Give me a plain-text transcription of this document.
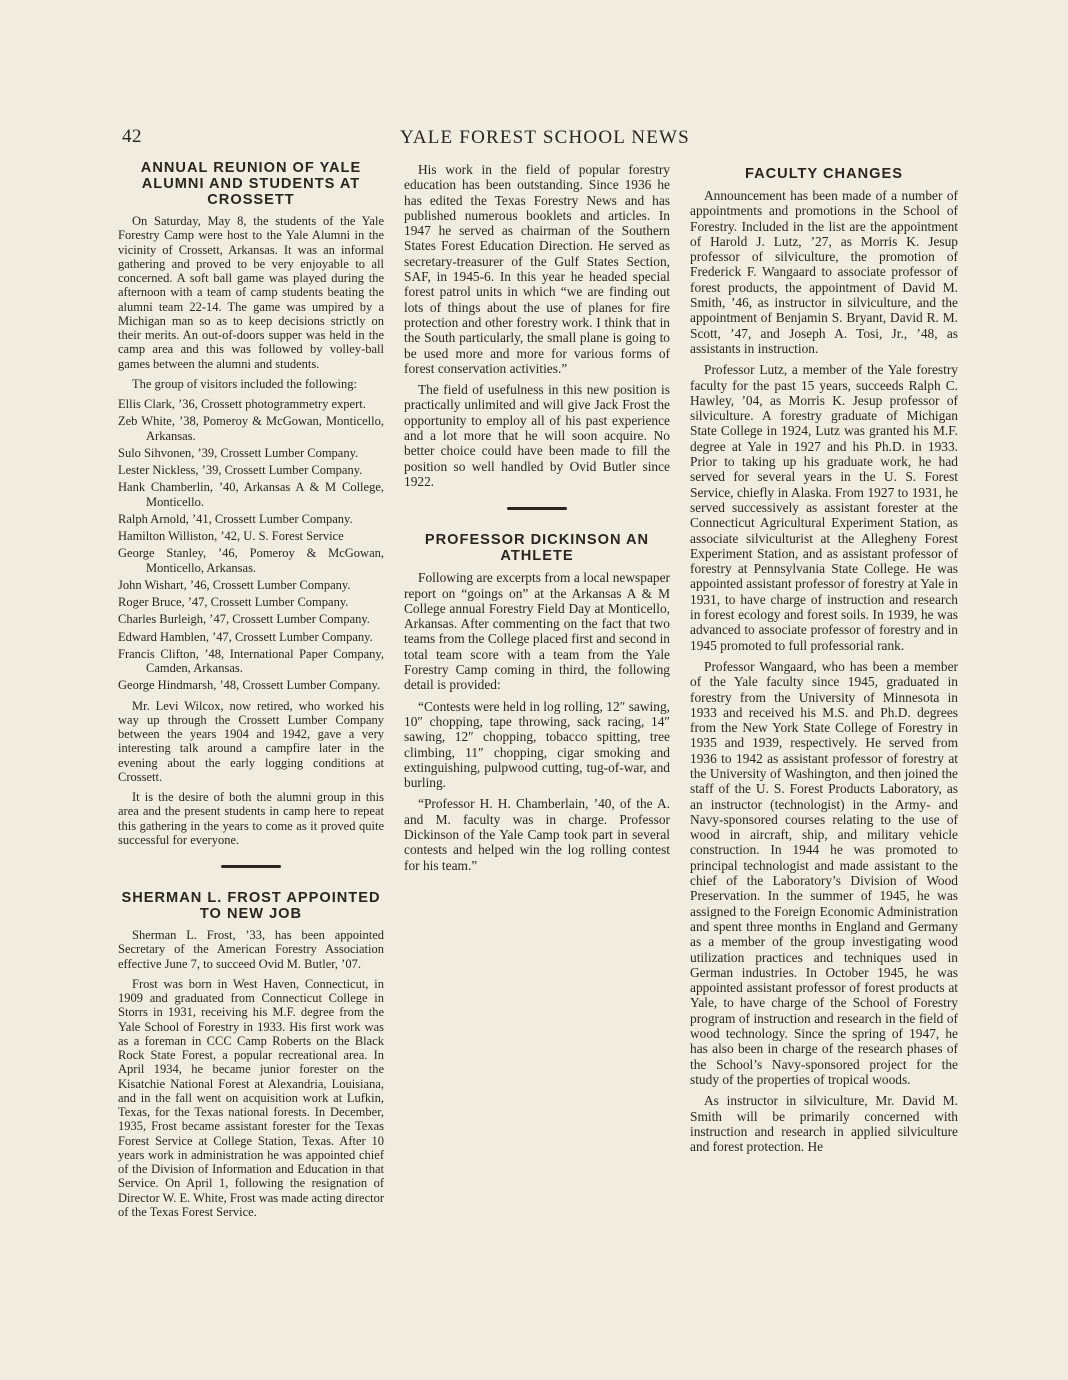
42	YALE FOREST SCHOOL NEWS
ANNUAL REUNION OF YALE ALUMNI AND STUDENTS AT CROSSETT

On Saturday, May 8, the students of the Yale Forestry Camp were host to the Yale Alumni in the vicinity of Crossett, Arkansas. It was an informal gathering and proved to be very enjoyable to all concerned. A soft ball game was played during the afternoon with a team of camp students beating the alumni team 22-14. The game was umpired by a Michigan man so as to keep decisions strictly on their merits. An out-of-doors supper was held in the camp area and this was followed by volley-ball games between the alumni and students.

The group of visitors included the following:

Ellis Clark, ’36, Crossett photogrammetry expert.
Zeb White, ’38, Pomeroy & McGowan, Monticello, Arkansas.
Sulo Sihvonen, ’39, Crossett Lumber Company.
Lester Nickless, ’39, Crossett Lumber Company.
Hank Chamberlin, ’40, Arkansas A & M College, Monticello.
Ralph Arnold, ’41, Crossett Lumber Company.
Hamilton Williston, ’42, U. S. Forest Service
George Stanley, ’46, Pomeroy & McGowan, Monticello, Arkansas.
John Wishart, ’46, Crossett Lumber Company.
Roger Bruce, ’47, Crossett Lumber Company.
Charles Burleigh, ’47, Crossett Lumber Company.
Edward Hamblen, ’47, Crossett Lumber Company.
Francis Clifton, ’48, International Paper Company, Camden, Arkansas.
George Hindmarsh, ’48, Crossett Lumber Company.

Mr. Levi Wilcox, now retired, who worked his way up through the Crossett Lumber Company between the years 1904 and 1942, gave a very interesting talk around a campfire later in the evening about the early logging conditions at Crossett.

It is the desire of both the alumni group in this area and the present students in camp here to repeat this gathering in the years to come as it proved quite successful for everyone.

SHERMAN L. FROST APPOINTED TO NEW JOB

Sherman L. Frost, ’33, has been appointed Secretary of the American Forestry Association effective June 7, to succeed Ovid M. Butler, ’07.

Frost was born in West Haven, Connecticut, in 1909 and graduated from Connecticut College in Storrs in 1931, receiving his M.F. degree from the Yale School of Forestry in 1933. His first work was as a foreman in CCC Camp Roberts on the Black Rock State Forest, a popular recreational area. In April 1934, he became junior forester on the Kisatchie National Forest at Alexandria, Louisiana, and in the fall went on acquisition work at Lufkin, Texas, for the Texas national forests. In December, 1935, Frost became assistant forester for the Texas Forest Service at College Station, Texas. After 10 years work in administration he was appointed chief of the Division of Information and Education in that Service. On April 1, following the resignation of Director W. E. White, Frost was made acting director of the Texas Forest Service.

His work in the field of popular forestry education has been outstanding. Since 1936 he has edited the Texas Forestry News and has published numerous booklets and articles. In 1947 he served as chairman of the Southern States Forest Education Direction. He served as secretary-treasurer of the Gulf States Section, SAF, in 1945-6. In this year he headed special forest patrol units in which “we are finding out lots of things about the use of planes for fire protection and other forestry work. I think that in the South particularly, the small plane is going to be used more and more for various forms of forest conservation activities.”

The field of usefulness in this new position is practically unlimited and will give Jack Frost the opportunity to employ all of his past experience and a lot more that he will soon acquire. No better choice could have been made to fill the position so well handled by Ovid Butler since 1922.

PROFESSOR DICKINSON AN ATHLETE

Following are excerpts from a local newspaper report on “goings on” at the Arkansas A & M College annual Forestry Field Day at Monticello, Arkansas. After commenting on the fact that two teams from the College placed first and second in total team score with a team from the Yale Forestry Camp coming in third, the following detail is provided:

“Contests were held in log rolling, 12″ sawing, 10″ chopping, tape throwing, sack racing, 14″ sawing, 12″ chopping, tobacco spitting, tree climbing, 11″ chopping, cigar smoking and extinguishing, pulpwood cutting, tug-of-war, and burling.

“Professor H. H. Chamberlain, ’40, of the A. and M. faculty was in charge. Professor Dickinson of the Yale Camp took part in several contests and helped win the log rolling contest for his team.”

FACULTY CHANGES

Announcement has been made of a number of appointments and promotions in the School of Forestry. Included in the list are the appointment of Harold J. Lutz, ’27, as Morris K. Jesup professor of silviculture, the promotion of Frederick F. Wangaard to associate professor of forest products, the appointment of David M. Smith, ’46, as instructor in silviculture, and the appointment of Benjamin S. Bryant, David R. M. Scott, ’47, and Joseph A. Tosi, Jr., ’48, as assistants in instruction.

Professor Lutz, a member of the Yale forestry faculty for the past 15 years, succeeds Ralph C. Hawley, ’04, as Morris K. Jesup professor of silviculture. A forestry graduate of Michigan State College in 1924, Lutz was granted his M.F. degree at Yale in 1927 and his Ph.D. in 1933. Prior to taking up his graduate work, he had served for several years in the U. S. Forest Service, chiefly in Alaska. From 1927 to 1931, he served successively as assistant forester at the Connecticut Agricultural Experiment Station, as associate silviculturist at the Allegheny Forest Experiment Station, and as assistant professor of forestry at Pennsylvania State College. He was appointed assistant professor of forestry at Yale in 1931, to have charge of instruction and research in forest ecology and forest soils. In 1939, he was advanced to associate professor of forestry and in 1945 promoted to full professorial rank.

Professor Wangaard, who has been a member of the Yale faculty since 1945, graduated in forestry from the University of Minnesota in 1933 and received his M.S. and Ph.D. degrees from the New York State College of Forestry in 1935 and 1939, respectively. He served from 1936 to 1942 as assistant professor of forestry at the University of Washington, and then joined the staff of the U. S. Forest Products Laboratory, as an instructor (technologist) in the Army- and Navy-sponsored courses relating to the use of wood in aircraft, ship, and military vehicle construction. In 1944 he was promoted to principal technologist and made assistant to the chief of the Laboratory’s Division of Wood Preservation. In the summer of 1945, he was assigned to the Foreign Economic Administration and spent three months in England and Germany as a member of the group investigating wood utilization practices and techniques used in German industries. In October 1945, he was appointed assistant professor of forest products at Yale, to have charge of the School of Forestry program of instruction and research in the field of wood technology. Since the spring of 1947, he has also been in charge of the research phases of the School’s Navy-sponsored project for the study of the properties of tropical woods.

As instructor in silviculture, Mr. David M. Smith will be primarily concerned with instruction and research in applied silviculture and forest protection. He
